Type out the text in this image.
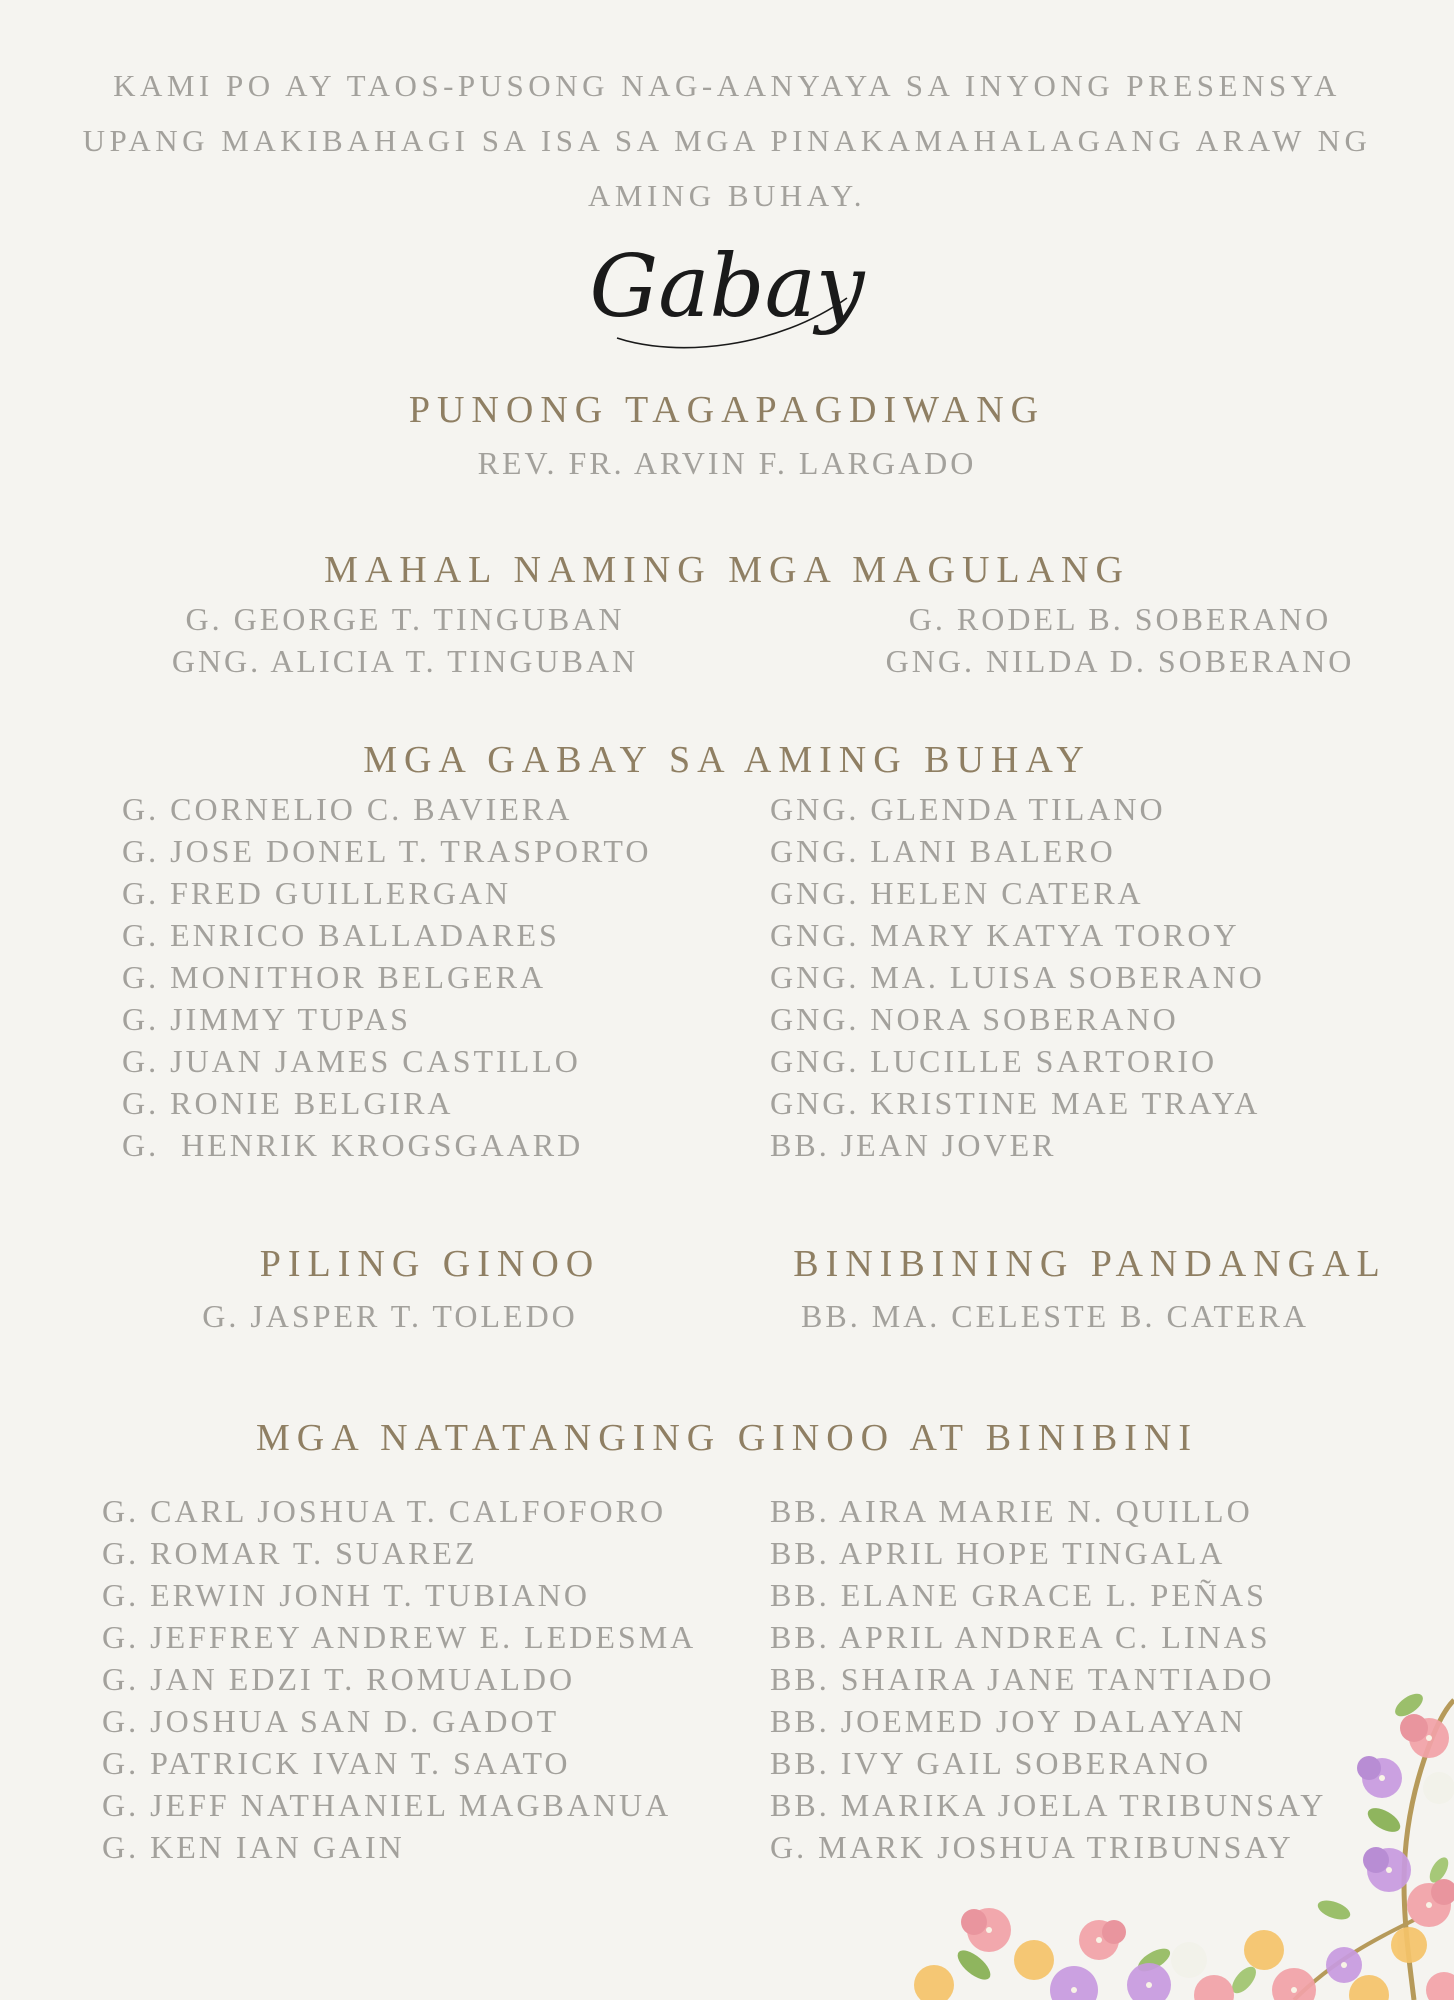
KAMI PO AY TAOS-PUSONG NAG-AANYAYA SA INYONG PRESENSYA
UPANG MAKIBAHAGI SA ISA SA MGA PINAKAMAHALAGANG ARAW NG
AMING BUHAY.
Gabay
PUNONG TAGAPAGDIWANG
REV. FR. ARVIN F. LARGADO
MAHAL NAMING MGA MAGULANG
G. GEORGE T. TINGUBAN
GNG. ALICIA T. TINGUBAN
G. RODEL B. SOBERANO
GNG. NILDA D. SOBERANO
MGA GABAY SA AMING BUHAY
G. CORNELIO C. BAVIERA
G. JOSE DONEL T. TRASPORTO
G. FRED GUILLERGAN
G. ENRICO BALLADARES
G. MONITHOR BELGERA
G. JIMMY TUPAS
G. JUAN JAMES CASTILLO
G. RONIE BELGIRA
G.  HENRIK KROGSGAARD
GNG. GLENDA TILANO
GNG. LANI BALERO
GNG. HELEN CATERA
GNG. MARY KATYA TOROY
GNG. MA. LUISA SOBERANO
GNG. NORA SOBERANO
GNG. LUCILLE SARTORIO
GNG. KRISTINE MAE TRAYA
BB. JEAN JOVER
PILING GINOO
G. JASPER T. TOLEDO
BINIBINING PANDANGAL
BB. MA. CELESTE B. CATERA
MGA NATATANGING GINOO AT BINIBINI
G. CARL JOSHUA T. CALFOFORO
G. ROMAR T. SUAREZ
G. ERWIN JONH T. TUBIANO
G. JEFFREY ANDREW E. LEDESMA
G. JAN EDZI T. ROMUALDO
G. JOSHUA SAN D. GADOT
G. PATRICK IVAN T. SAATO
G. JEFF NATHANIEL MAGBANUA
G. KEN IAN GAIN
BB. AIRA MARIE N. QUILLO
BB. APRIL HOPE TINGALA
BB. ELANE GRACE L. PEÑAS
BB. APRIL ANDREA C. LINAS
BB. SHAIRA JANE TANTIADO
BB. JOEMED JOY DALAYAN
BB. IVY GAIL SOBERANO
BB. MARIKA JOELA TRIBUNSAY
G. MARK JOSHUA TRIBUNSAY
